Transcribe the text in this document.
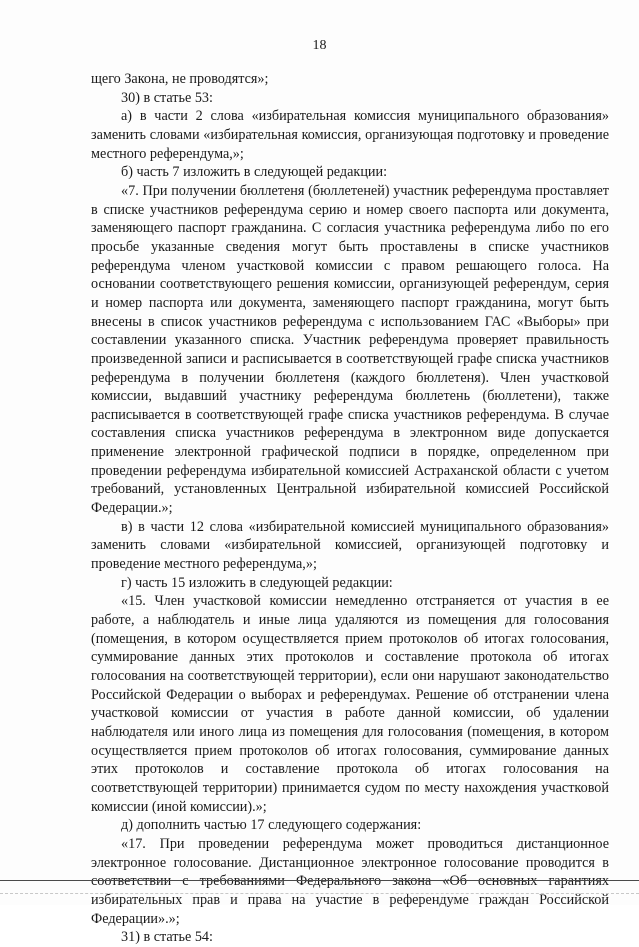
18

щего Закона, не проводятся»;

30) в статье 53:

а) в части 2 слова «избирательная комиссия муниципального образования» заменить словами «избирательная комиссия, организующая подготовку и проведение местного референдума,»;

б) часть 7 изложить в следующей редакции:

«7. При получении бюллетеня (бюллетеней) участник референдума проставляет в списке участников референдума серию и номер своего паспорта или документа, заменяющего паспорт гражданина. С согласия участника референдума либо по его просьбе указанные сведения могут быть проставлены в списке участников референдума членом участковой комиссии с правом решающего голоса. На основании соответствующего решения комиссии, организующей референдум, серия и номер паспорта или документа, заменяющего паспорт гражданина, могут быть внесены в список участников референдума с использованием ГАС «Выборы» при составлении указанного списка. Участник референдума проверяет правильность произведенной записи и расписывается в соответствующей графе списка участников референдума в получении бюллетеня (каждого бюллетеня). Член участковой комиссии, выдавший участнику референдума бюллетень (бюллетени), также расписывается в соответствующей графе списка участников референдума. В случае составления списка участников референдума в электронном виде допускается применение электронной графической подписи в порядке, определенном при проведении референдума избирательной комиссией Астраханской области с учетом требований, установленных Центральной избирательной комиссией Российской Федерации.»;

в) в части 12 слова «избирательной комиссией муниципального образования» заменить словами «избирательной комиссией, организующей подготовку и проведение местного референдума,»;

г) часть 15 изложить в следующей редакции:

«15. Член участковой комиссии немедленно отстраняется от участия в ее работе, а наблюдатель и иные лица удаляются из помещения для голосования (помещения, в котором осуществляется прием протоколов об итогах голосования, суммирование данных этих протоколов и составление протокола об итогах голосования на соответствующей территории), если они нарушают законодательство Российской Федерации о выборах и референдумах. Решение об отстранении члена участковой комиссии от участия в работе данной комиссии, об удалении наблюдателя или иного лица из помещения для голосования (помещения, в котором осуществляется прием протоколов об итогах голосования, суммирование данных этих протоколов и составление протокола об итогах голосования на соответствующей территории) принимается судом по месту нахождения участковой комиссии (иной комиссии).»;

д) дополнить частью 17 следующего содержания:

«17. При проведении референдума может проводиться дистанционное электронное голосование. Дистанционное электронное голосование проводится в соответствии с требованиями Федерального закона «Об основных гарантиях избирательных прав и права на участие в референдуме граждан Российской Федерации».»;

31) в статье 54:
